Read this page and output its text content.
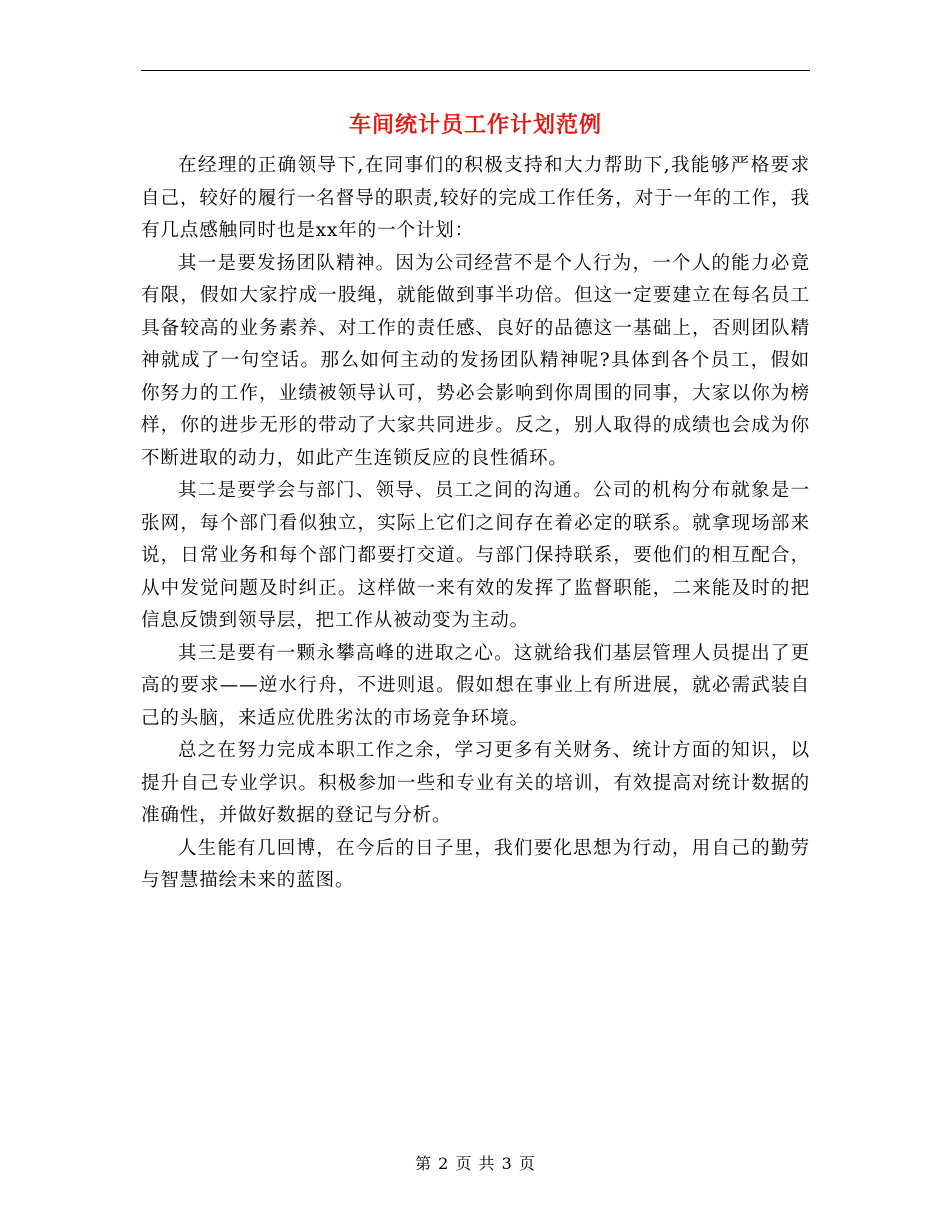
车间统计员工作计划范例

在经理的正确领导下,在同事们的积极支持和大力帮助下,我能够严格要求自己，较好的履行一名督导的职责,较好的完成工作任务，对于一年的工作，我有几点感触同时也是xx年的一个计划：

其一是要发扬团队精神。因为公司经营不是个人行为，一个人的能力必竟有限，假如大家拧成一股绳，就能做到事半功倍。但这一定要建立在每名员工具备较高的业务素养、对工作的责任感、良好的品德这一基础上，否则团队精神就成了一句空话。那么如何主动的发扬团队精神呢?具体到各个员工，假如你努力的工作，业绩被领导认可，势必会影响到你周围的同事，大家以你为榜样，你的进步无形的带动了大家共同进步。反之，别人取得的成绩也会成为你不断进取的动力，如此产生连锁反应的良性循环。

其二是要学会与部门、领导、员工之间的沟通。公司的机构分布就象是一张网，每个部门看似独立，实际上它们之间存在着必定的联系。就拿现场部来说，日常业务和每个部门都要打交道。与部门保持联系，要他们的相互配合，从中发觉问题及时纠正。这样做一来有效的发挥了监督职能，二来能及时的把信息反馈到领导层，把工作从被动变为主动。

其三是要有一颗永攀高峰的进取之心。这就给我们基层管理人员提出了更高的要求——逆水行舟，不进则退。假如想在事业上有所进展，就必需武装自己的头脑，来适应优胜劣汰的市场竞争环境。

总之在努力完成本职工作之余，学习更多有关财务、统计方面的知识，以提升自己专业学识。积极参加一些和专业有关的培训，有效提高对统计数据的准确性，并做好数据的登记与分析。

人生能有几回博，在今后的日子里，我们要化思想为行动，用自己的勤劳与智慧描绘未来的蓝图。

第 2 页 共 3 页
